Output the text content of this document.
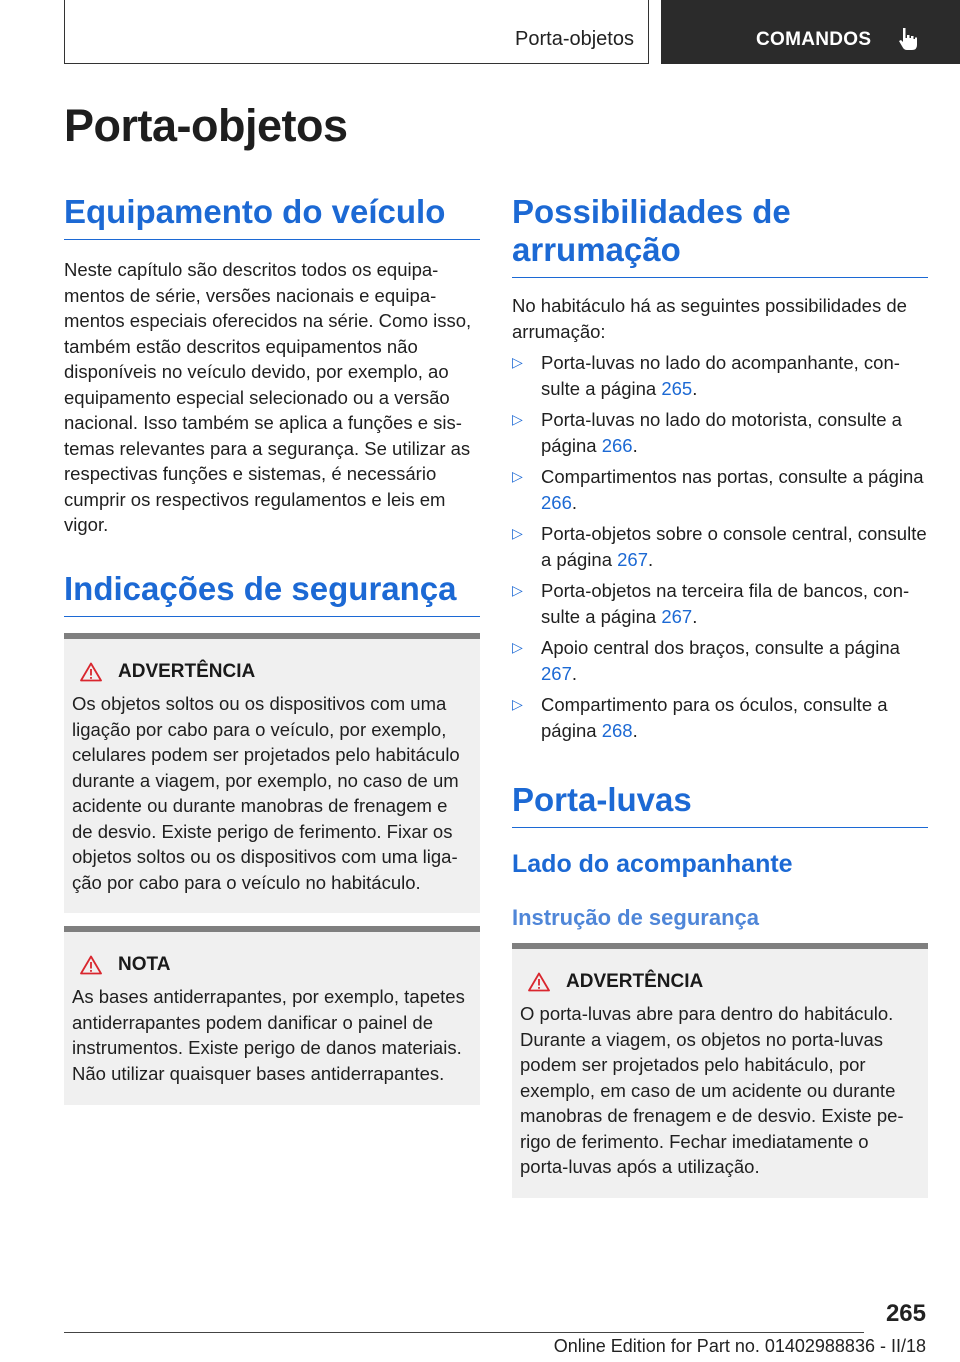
Porta-objetos	COMANDOS
Porta-objetos
Equipamento do veículo

Neste capítulo são descritos todos os equipamentos de série, versões nacionais e equipamentos especiais oferecidos na série. Como isso, também estão descritos equipamentos não disponíveis no veículo devido, por exemplo, ao equipamento especial selecionado ou a versão nacional. Isso também se aplica a funções e sistemas relevantes para a segurança. Se utilizar as respectivas funções e sistemas, é necessário cumprir os respectivos regulamentos e leis em vigor.

Indicações de segurança
ADVERTÊNCIA

Os objetos soltos ou os dispositivos com uma ligação por cabo para o veículo, por exemplo, celulares podem ser projetados pelo habitáculo durante a viagem, por exemplo, no caso de um acidente ou durante manobras de frenagem e de desvio. Existe perigo de ferimento. Fixar os objetos soltos ou os dispositivos com uma ligação por cabo para o veículo no habitáculo.

NOTA

As bases antiderrapantes, por exemplo, tapetes antiderrapantes podem danificar o painel de instrumentos. Existe perigo de danos materiais. Não utilizar quaisquer bases antiderrapantes.

Possibilidades de arrumação

No habitáculo há as seguintes possibilidades de arrumação:

▷ Porta-luvas no lado do acompanhante, consulte a página 265.
▷ Porta-luvas no lado do motorista, consulte a página 266.
▷ Compartimentos nas portas, consulte a página 266.
▷ Porta-objetos sobre o console central, consulte a página 267.
▷ Porta-objetos na terceira fila de bancos, consulte a página 267.
▷ Apoio central dos braços, consulte a página 267.
▷ Compartimento para os óculos, consulte a página 268.
Porta-luvas
Lado do acompanhante
Instrução de segurança
ADVERTÊNCIA

O porta-luvas abre para dentro do habitáculo. Durante a viagem, os objetos no porta-luvas podem ser projetados pelo habitáculo, por exemplo, em caso de um acidente ou durante manobras de frenagem e de desvio. Existe perigo de ferimento. Fechar imediatamente o porta-luvas após a utilização.

265
Online Edition for Part no. 01402988836 - II/18
